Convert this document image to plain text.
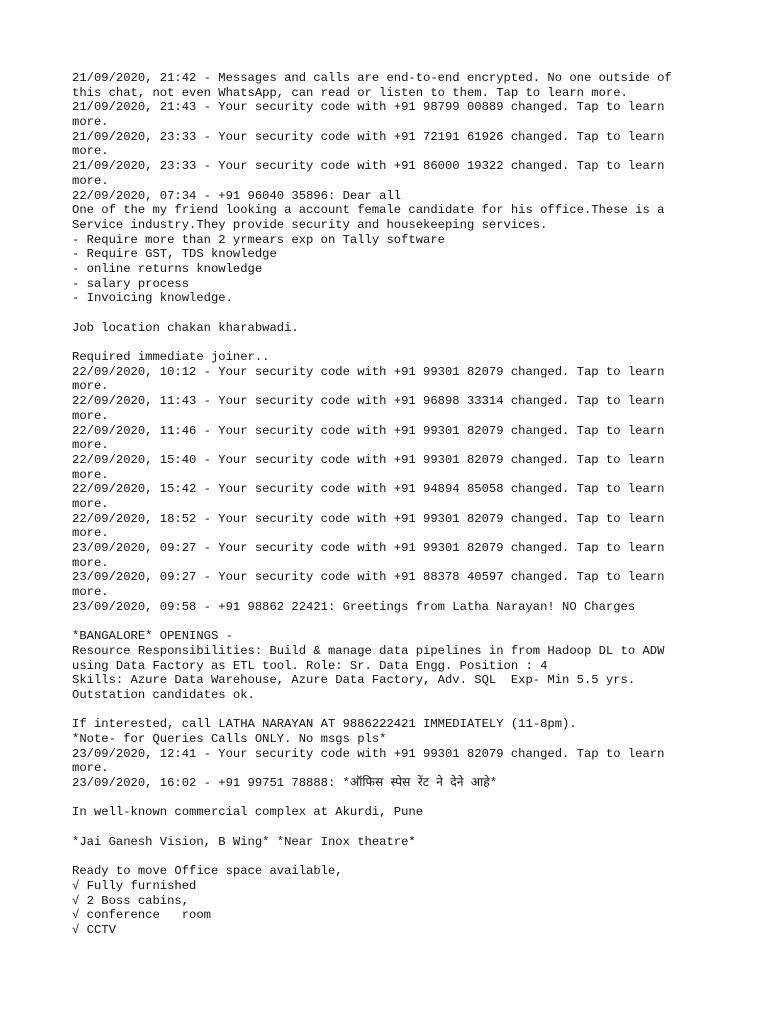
21/09/2020, 21:42 - Messages and calls are end-to-end encrypted. No one outside of
this chat, not even WhatsApp, can read or listen to them. Tap to learn more.
21/09/2020, 21:43 - Your security code with +91 98799 00889 changed. Tap to learn
more.
21/09/2020, 23:33 - Your security code with +91 72191 61926 changed. Tap to learn
more.
21/09/2020, 23:33 - Your security code with +91 86000 19322 changed. Tap to learn
more.
22/09/2020, 07:34 - +91 96040 35896: Dear all
One of the my friend looking a account female candidate for his office.These is a
Service industry.They provide security and housekeeping services.
- Require more than 2 yrmears exp on Tally software
- Require GST, TDS knowledge
- online returns knowledge
- salary process
- Invoicing knowledge.
Job location chakan kharabwadi.
Required immediate joiner..
22/09/2020, 10:12 - Your security code with +91 99301 82079 changed. Tap to learn
more.
22/09/2020, 11:43 - Your security code with +91 96898 33314 changed. Tap to learn
more.
22/09/2020, 11:46 - Your security code with +91 99301 82079 changed. Tap to learn
more.
22/09/2020, 15:40 - Your security code with +91 99301 82079 changed. Tap to learn
more.
22/09/2020, 15:42 - Your security code with +91 94894 85058 changed. Tap to learn
more.
22/09/2020, 18:52 - Your security code with +91 99301 82079 changed. Tap to learn
more.
23/09/2020, 09:27 - Your security code with +91 99301 82079 changed. Tap to learn
more.
23/09/2020, 09:27 - Your security code with +91 88378 40597 changed. Tap to learn
more.
23/09/2020, 09:58 - +91 98862 22421: Greetings from Latha Narayan! NO Charges
*BANGALORE* OPENINGS -
Resource Responsibilities: Build & manage data pipelines in from Hadoop DL to ADW
using Data Factory as ETL tool. Role: Sr. Data Engg. Position : 4
Skills: Azure Data Warehouse, Azure Data Factory, Adv. SQL  Exp- Min 5.5 yrs.
Outstation candidates ok.
If interested, call LATHA NARAYAN AT 9886222421 IMMEDIATELY (11-8pm).
*Note- for Queries Calls ONLY. No msgs pls*
23/09/2020, 12:41 - Your security code with +91 99301 82079 changed. Tap to learn
more.
23/09/2020, 16:02 - +91 99751 78888: *ऑफिस स्पेस रेंट ने देने आहे*
In well-known commercial complex at Akurdi, Pune
*Jai Ganesh Vision, B Wing* *Near Inox theatre*
Ready to move Office space available,
√ Fully furnished
√ 2 Boss cabins,
√ conference   room
√ CCTV
